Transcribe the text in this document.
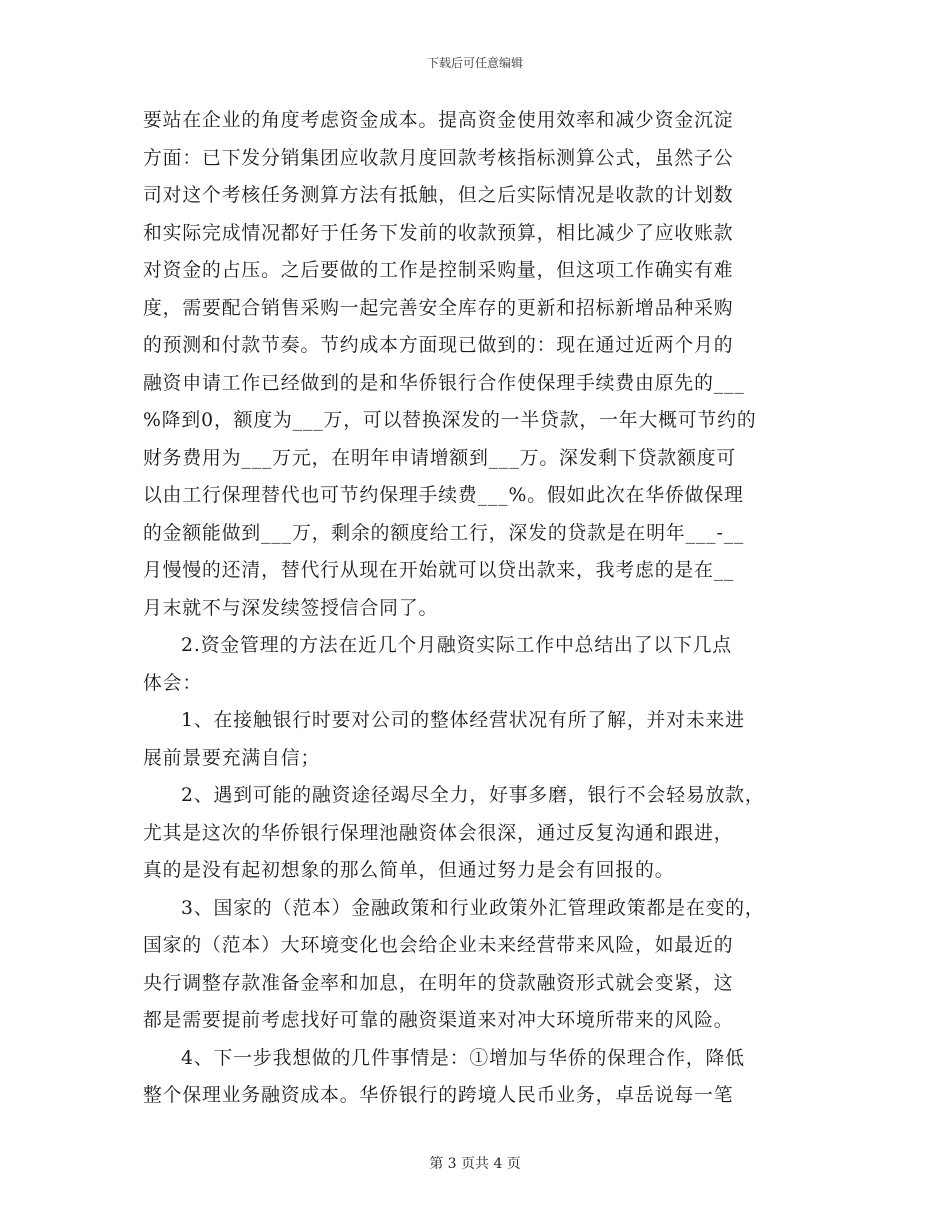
下载后可任意编辑
要站在企业的角度考虑资金成本。提高资金使用效率和减少资金沉淀
方面：已下发分销集团应收款月度回款考核指标测算公式，虽然子公
司对这个考核任务测算方法有抵触，但之后实际情况是收款的计划数
和实际完成情况都好于任务下发前的收款预算，相比减少了应收账款
对资金的占压。之后要做的工作是控制采购量，但这项工作确实有难
度，需要配合销售采购一起完善安全库存的更新和招标新增品种采购
的预测和付款节奏。节约成本方面现已做到的：现在通过近两个月的
融资申请工作已经做到的是和华侨银行合作使保理手续费由原先的___
%降到0，额度为___万，可以替换深发的一半贷款，一年大概可节约的
财务费用为___万元，在明年申请增额到___万。深发剩下贷款额度可
以由工行保理替代也可节约保理手续费___%。假如此次在华侨做保理
的金额能做到___万，剩余的额度给工行，深发的贷款是在明年___-__
月慢慢的还清，替代行从现在开始就可以贷出款来，我考虑的是在__
月末就不与深发续签授信合同了。
2.资金管理的方法在近几个月融资实际工作中总结出了以下几点
体会：
1、在接触银行时要对公司的整体经营状况有所了解，并对未来进
展前景要充满自信；
2、遇到可能的融资途径竭尽全力，好事多磨，银行不会轻易放款，
尤其是这次的华侨银行保理池融资体会很深，通过反复沟通和跟进，
真的是没有起初想象的那么简单，但通过努力是会有回报的。
3、国家的（范本）金融政策和行业政策外汇管理政策都是在变的，
国家的（范本）大环境变化也会给企业未来经营带来风险，如最近的
央行调整存款准备金率和加息，在明年的贷款融资形式就会变紧，这
都是需要提前考虑找好可靠的融资渠道来对冲大环境所带来的风险。
4、下一步我想做的几件事情是：①增加与华侨的保理合作，降低
整个保理业务融资成本。华侨银行的跨境人民币业务，卓岳说每一笔
第 3 页共 4 页
